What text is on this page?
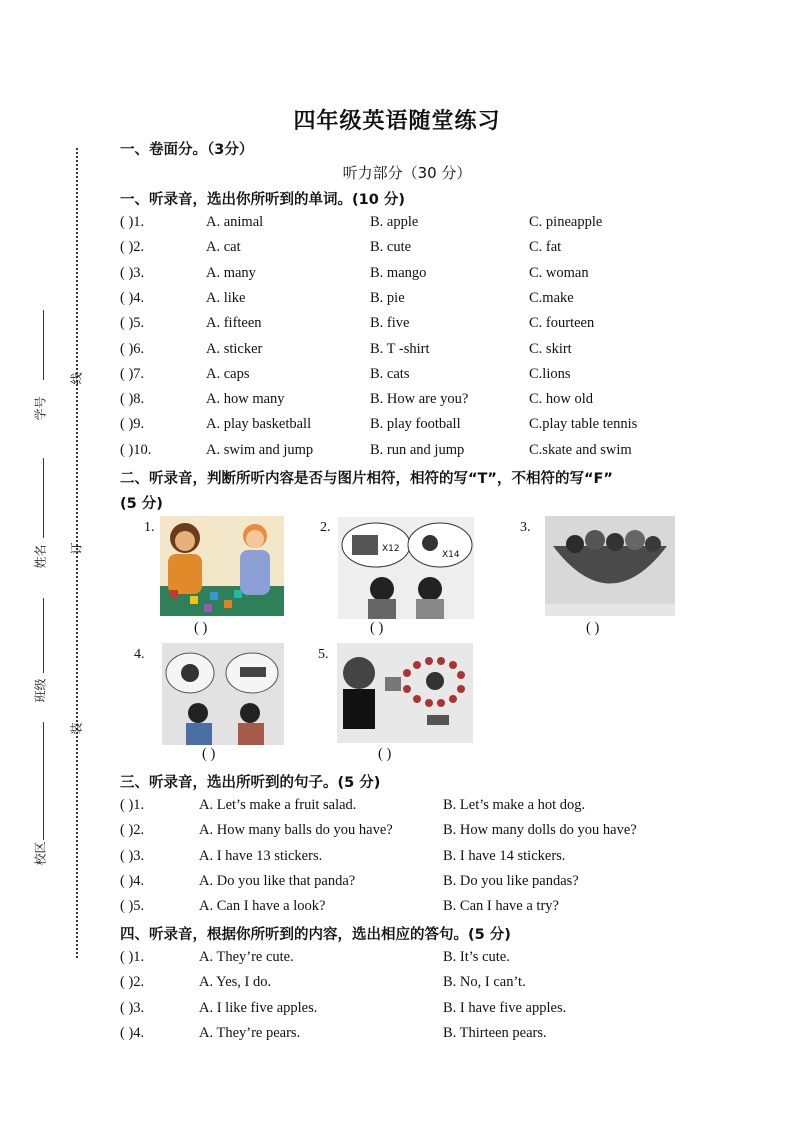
线
订
装
学号
姓名
班级
校区
四年级英语随堂练习
一、卷面分。（3分）
听力部分（30 分）
一、听录音，选出你所听到的单词。(10 分)
( )1.	A. animal	B. apple	C. pineapple
( )2.	A. cat	B. cute	C. fat
( )3.	A. many	B. mango	C. woman
( )4.	A. like	B. pie	C.make
( )5.	A. fifteen	B. five	C. fourteen
( )6.	A. sticker	B. T -shirt	C. skirt
( )7.	A. caps	B. cats	C.lions
( )8.	A. how many	B. How are you?	C. how old
( )9.	A. play basketball	B. play football	C.play table tennis
( )10.	A. swim and jump	B. run and jump	C.skate and swim
二、听录音，判断所听内容是否与图片相符，相符的写“T”，不相符的写“F”
(5 分)
1.
( )
2.
X12
X14
( )
3.
( )
4.
( )
5.
( )
三、听录音，选出所听到的句子。(5 分)
( )1.	A. Let’s make a fruit salad.	B. Let’s make a hot dog.
( )2.	A. How many balls do you have?	B. How many dolls do you have?
( )3.	A. I have 13 stickers.	B. I have 14 stickers.
( )4.	A. Do you like that panda?	B. Do you like pandas?
( )5.	A. Can I have a look?	B. Can I have a try?
四、听录音，根据你所听到的内容，选出相应的答句。(5 分)
( )1.	A. They’re cute.	B. It’s cute.
( )2.	A. Yes, I do.	B. No, I can’t.
( )3.	A. I like five apples.	B. I have five apples.
( )4.	A. They’re pears.	B. Thirteen pears.
